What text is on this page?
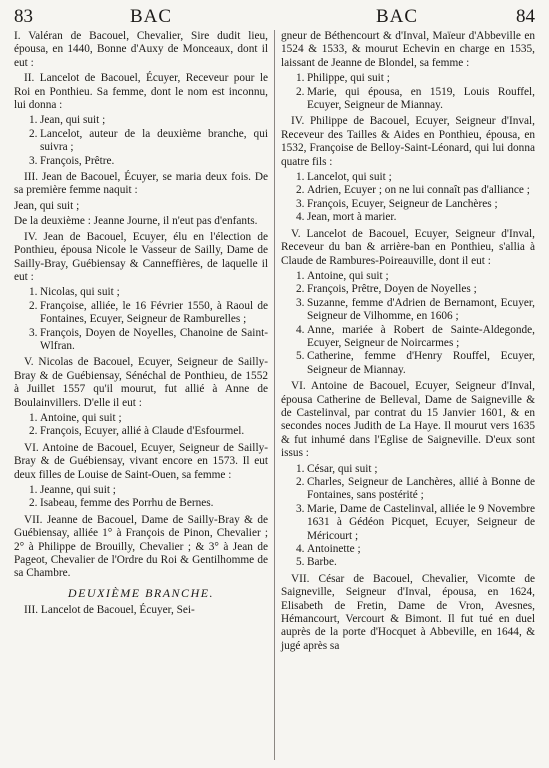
83	BAC	BAC	84

I. Valéran de Bacouel, Chevalier, Sire dudit lieu, épousa, en 1440, Bonne d'Auxy de Monceaux, dont il eut :

II. Lancelot de Bacouel, Écuyer, Receveur pour le Roi en Ponthieu. Sa femme, dont le nom est inconnu, lui donna :

1. Jean, qui suit ;
2. Lancelot, auteur de la deuxième branche, qui suivra ;
3. François, Prêtre.

III. Jean de Bacouel, Écuyer, se maria deux fois. De sa première femme naquit :

Jean, qui suit ;

De la deuxième : Jeanne Journe, il n'eut pas d'enfants.

IV. Jean de Bacouel, Ecuyer, élu en l'élection de Ponthieu, épousa Nicole le Vasseur de Sailly, Dame de Sailly-Bray, Guébiensay & Canneffières, de laquelle il eut :

1. Nicolas, qui suit ;
2. Françoise, alliée, le 16 Février 1550, à Raoul de Fontaines, Ecuyer, Seigneur de Ramburelles ;
3. François, Doyen de Noyelles, Chanoine de Saint-Wlfran.

V. Nicolas de Bacouel, Ecuyer, Seigneur de Sailly-Bray & de Guébiensay, Sénéchal de Ponthieu, de 1552 à Juillet 1557 qu'il mourut, fut allié à Anne de Boulainvillers. D'elle il eut :

1. Antoine, qui suit ;
2. François, Ecuyer, allié à Claude d'Esfourmel.

VI. Antoine de Bacouel, Ecuyer, Seigneur de Sailly-Bray & de Guébiensay, vivant encore en 1573. Il eut deux filles de Louise de Saint-Ouen, sa femme :

1. Jeanne, qui suit ;
2. Isabeau, femme des Porrhu de Bernes.

VII. Jeanne de Bacouel, Dame de Sailly-Bray & de Guébiensay, alliée 1° à François de Pinon, Chevalier ; 2° à Philippe de Brouilly, Chevalier ; & 3° à Jean de Pageot, Chevalier de l'Ordre du Roi & Gentilhomme de sa Chambre.

DEUXIÈME BRANCHE.

III. Lancelot de Bacouel, Écuyer, Sei-

gneur de Béthencourt & d'Inval, Maïeur d'Abbeville en 1524 & 1533, & mourut Echevin en charge en 1535, laissant de Jeanne de Blondel, sa femme :

1. Philippe, qui suit ;
2. Marie, qui épousa, en 1519, Louis Rouffel, Ecuyer, Seigneur de Miannay.

IV. Philippe de Bacouel, Ecuyer, Seigneur d'Inval, Receveur des Tailles & Aides en Ponthieu, épousa, en 1532, Françoise de Belloy-Saint-Léonard, qui lui donna quatre fils :

1. Lancelot, qui suit ;
2. Adrien, Ecuyer ; on ne lui connaît pas d'alliance ;
3. François, Ecuyer, Seigneur de Lanchères ;
4. Jean, mort à marier.

V. Lancelot de Bacouel, Ecuyer, Seigneur d'Inval, Receveur du ban & arrière-ban en Ponthieu, s'allia à Claude de Rambures-Poireauville, dont il eut :

1. Antoine, qui suit ;
2. François, Prêtre, Doyen de Noyelles ;
3. Suzanne, femme d'Adrien de Bernamont, Ecuyer, Seigneur de Vilhomme, en 1606 ;
4. Anne, mariée à Robert de Sainte-Aldegonde, Ecuyer, Seigneur de Noircarmes ;
5. Catherine, femme d'Henry Rouffel, Ecuyer, Seigneur de Miannay.

VI. Antoine de Bacouel, Ecuyer, Seigneur d'Inval, épousa Catherine de Belleval, Dame de Saigneville & de Castelinval, par contrat du 15 Janvier 1601, & en secondes noces Judith de La Haye. Il mourut vers 1635 & fut inhumé dans l'Eglise de Saigneville. D'eux sont issus :

1. César, qui suit ;
2. Charles, Seigneur de Lanchères, allié à Bonne de Fontaines, sans postérité ;
3. Marie, Dame de Castelinval, alliée le 9 Novembre 1631 à Gédéon Picquet, Ecuyer, Seigneur de Méricourt ;
4. Antoinette ;
5. Barbe.

VII. César de Bacouel, Chevalier, Vicomte de Saigneville, Seigneur d'Inval, épousa, en 1624, Elisabeth de Fretin, Dame de Vron, Avesnes, Hémancourt, Vercourt & Bimont. Il fut tué en duel auprès de la porte d'Hocquet à Abbeville, en 1644, & jugé après sa
